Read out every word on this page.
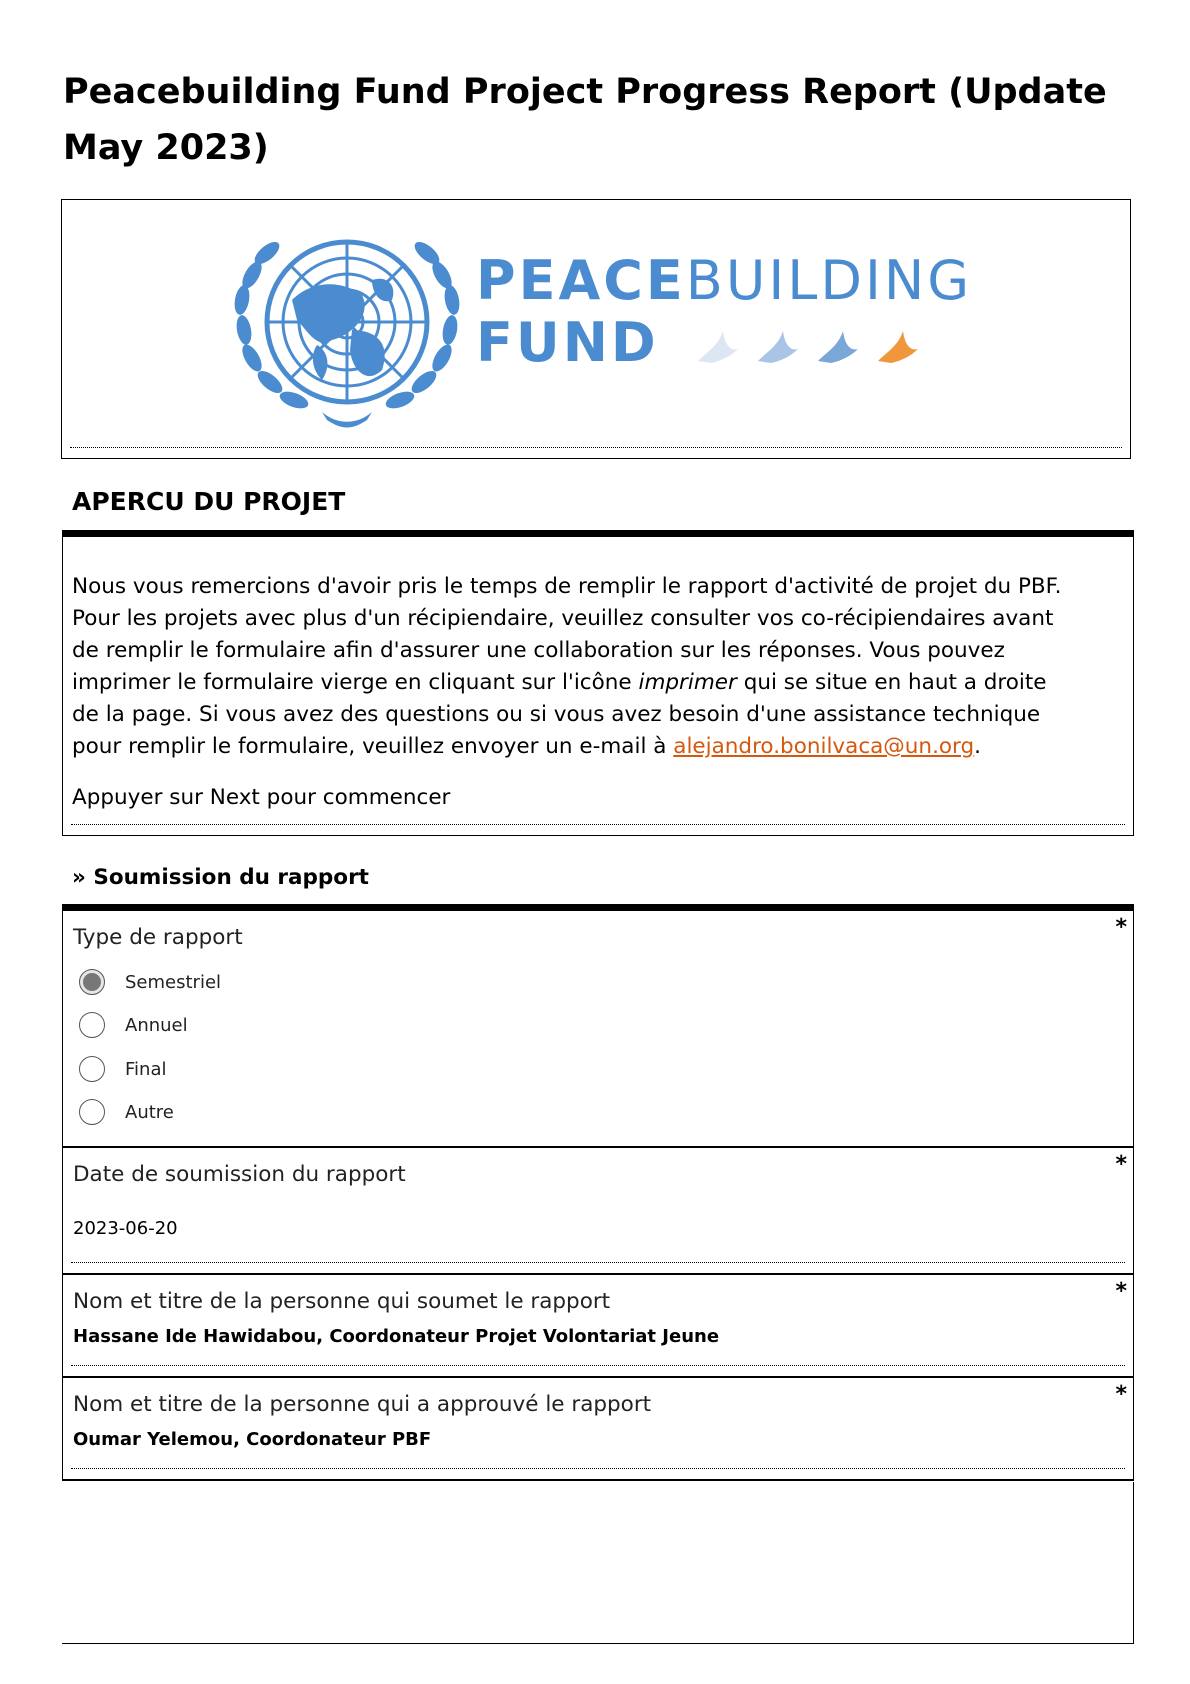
Peacebuilding Fund Project Progress Report (Update May 2023)
PEACEBUILDING
FUND
APERCU DU PROJET
Nous vous remercions d'avoir pris le temps de remplir le rapport d'activité de projet du PBF. Pour les projets avec plus d'un récipiendaire, veuillez consulter vos co-récipiendaires avant de remplir le formulaire afin d'assurer une collaboration sur les réponses. Vous pouvez imprimer le formulaire vierge en cliquant sur l'icône imprimer qui se situe en haut a droite de la page. Si vous avez des questions ou si vous avez besoin d'une assistance technique pour remplir le formulaire, veuillez envoyer un e-mail à alejandro.bonilvaca@un.org.
Appuyer sur Next pour commencer
» Soumission du rapport
Type de rapport	*
Semestriel
Annuel
Final
Autre
Date de soumission du rapport	*
2023-06-20
Nom et titre de la personne qui soumet le rapport	*
Hassane Ide Hawidabou, Coordonateur Projet Volontariat Jeune
Nom et titre de la personne qui a approuvé le rapport	*
Oumar Yelemou, Coordonateur PBF
